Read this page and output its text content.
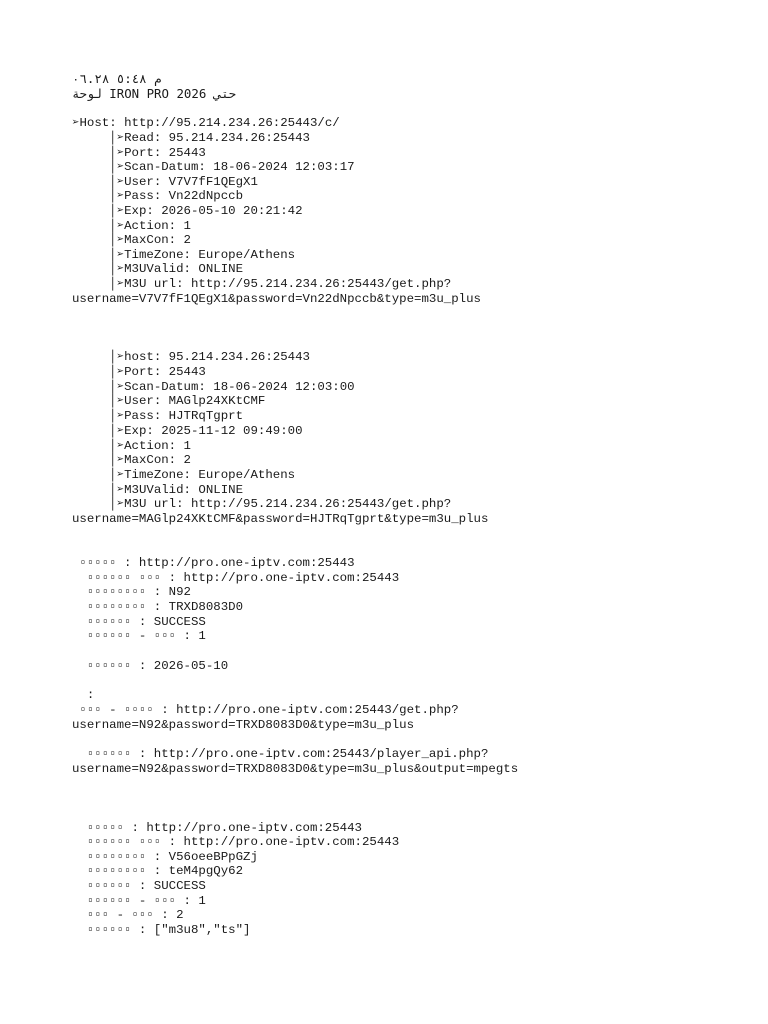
م ٥:٤٨ ٠٦.٢٨
لوحة IRON PRO 2026 حتي
➢Host: http://95.214.234.26:25443/c/
│➢Read: 95.214.234.26:25443
│➢Port: 25443
│➢Scan-Datum: 18-06-2024 12:03:17
│➢User: V7V7fF1QEgX1
│➢Pass: Vn22dNpccb
│➢Exp: 2026-05-10 20:21:42
│➢Action: 1
│➢MaxCon: 2
│➢TimeZone: Europe/Athens
│➢M3UValid: ONLINE
│➢M3U url: http://95.214.234.26:25443/get.php?
username=V7V7fF1QEgX1&password=Vn22dNpccb&type=m3u_plus
│➢host: 95.214.234.26:25443
│➢Port: 25443
│➢Scan-Datum: 18-06-2024 12:03:00
│➢User: MAGlp24XKtCMF
│➢Pass: HJTRqTgprt
│➢Exp: 2025-11-12 09:49:00
│➢Action: 1
│➢MaxCon: 2
│➢TimeZone: Europe/Athens
│➢M3UValid: ONLINE
│➢M3U url: http://95.214.234.26:25443/get.php?
username=MAGlp24XKtCMF&password=HJTRqTgprt&type=m3u_plus
▫▫▫▫▫ : http://pro.one-iptv.com:25443
▫▫▫▫▫▫ ▫▫▫ : http://pro.one-iptv.com:25443
▫▫▫▫▫▫▫▫ : N92
▫▫▫▫▫▫▫▫ : TRXD8083D0
▫▫▫▫▫▫ : SUCCESS
▫▫▫▫▫▫ - ▫▫▫ : 1
▫▫▫▫▫▫ : 2026-05-10
:
▫▫▫ - ▫▫▫▫ : http://pro.one-iptv.com:25443/get.php?
username=N92&password=TRXD8083D0&type=m3u_plus
▫▫▫▫▫▫ : http://pro.one-iptv.com:25443/player_api.php?
username=N92&password=TRXD8083D0&type=m3u_plus&output=mpegts
▫▫▫▫▫ : http://pro.one-iptv.com:25443
▫▫▫▫▫▫ ▫▫▫ : http://pro.one-iptv.com:25443
▫▫▫▫▫▫▫▫ : V56oeeBPpGZj
▫▫▫▫▫▫▫▫ : teM4pgQy62
▫▫▫▫▫▫ : SUCCESS
▫▫▫▫▫▫ - ▫▫▫ : 1
▫▫▫ - ▫▫▫ : 2
▫▫▫▫▫▫ : ["m3u8","ts"]
